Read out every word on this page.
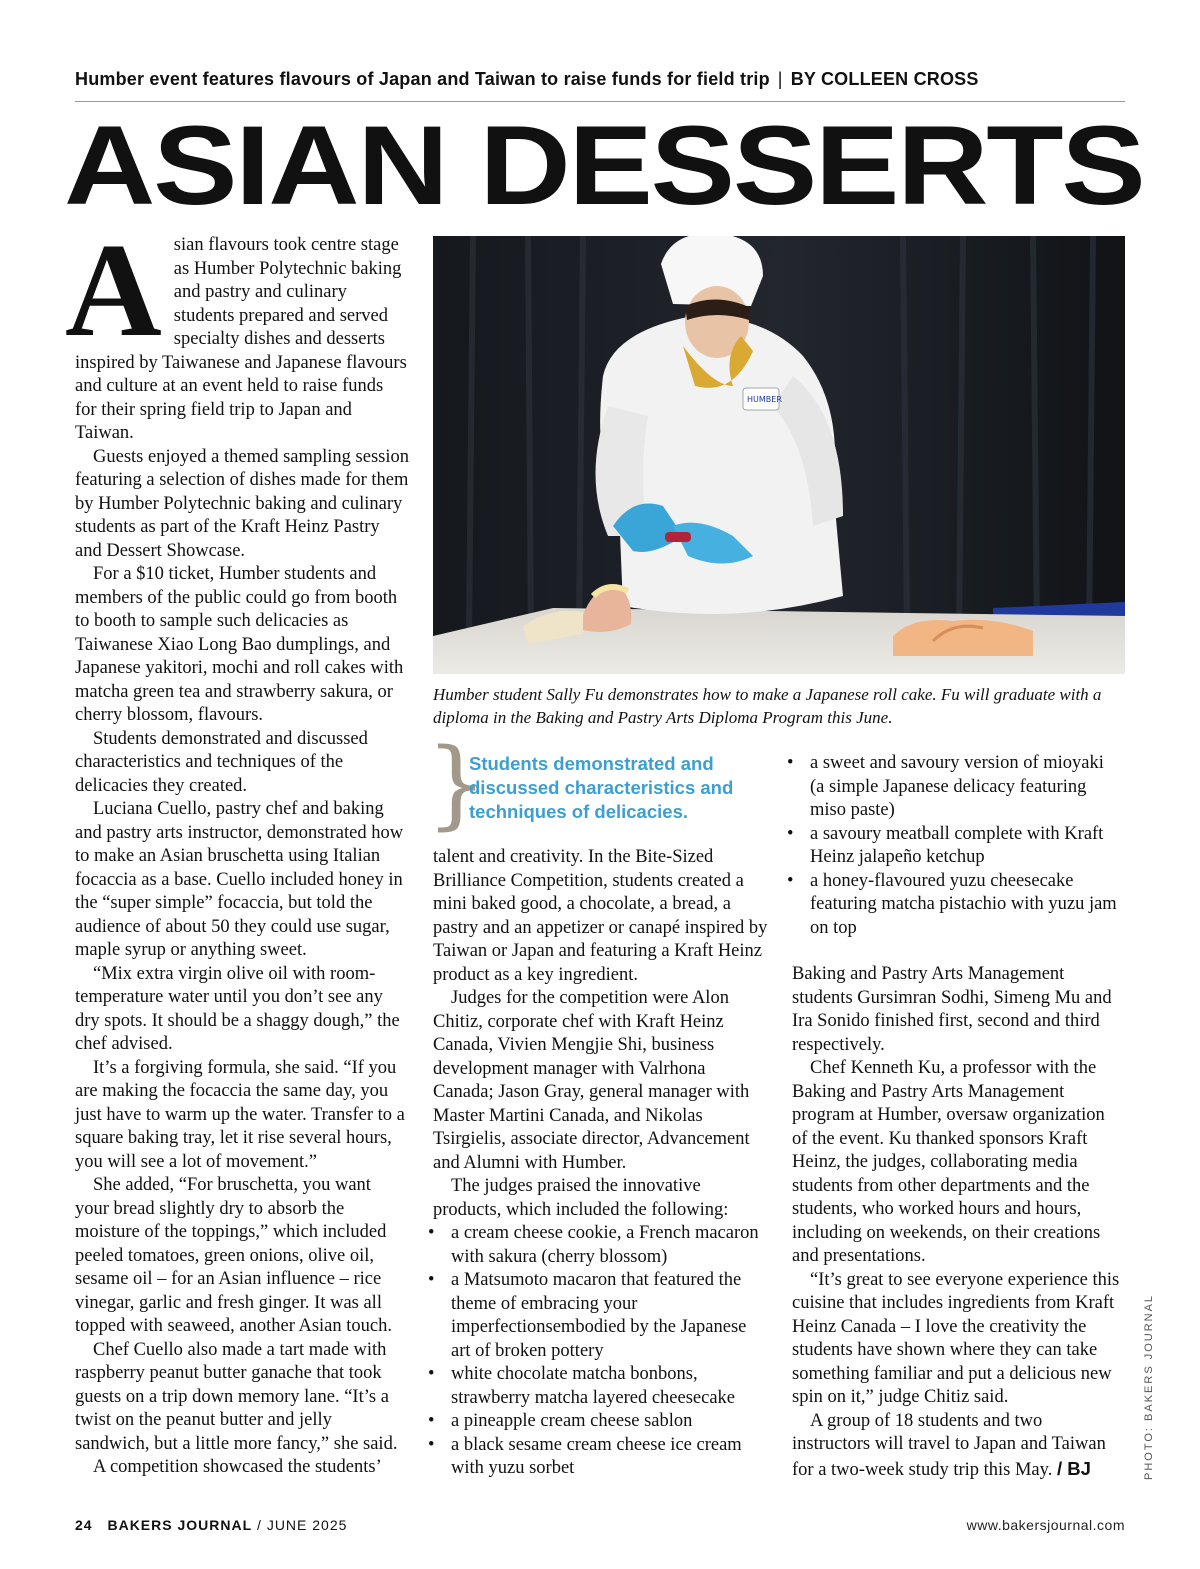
Humber event features flavours of Japan and Taiwan to raise funds for field trip | BY COLLEEN CROSS
ASIAN DESSERTS

Asian flavours took centre stage as Humber Polytechnic baking and pastry and culinary students prepared and served specialty dishes and desserts inspired by Taiwanese and Japanese flavours and culture at an event held to raise funds for their spring field trip to Japan and Taiwan.

Guests enjoyed a themed sampling session featuring a selection of dishes made for them by Humber Polytechnic baking and culinary students as part of the Kraft Heinz Pastry and Dessert Showcase.

For a $10 ticket, Humber students and members of the public could go from booth to booth to sample such delicacies as Taiwanese Xiao Long Bao dumplings, and Japanese yakitori, mochi and roll cakes with matcha green tea and strawberry sakura, or cherry blossom, flavours.

Students demonstrated and discussed characteristics and techniques of the delicacies they created.

Luciana Cuello, pastry chef and baking and pastry arts instructor, demonstrated how to make an Asian bruschetta using Italian focaccia as a base. Cuello included honey in the “super simple” focaccia, but told the audience of about 50 they could use sugar, maple syrup or anything sweet.

“Mix extra virgin olive oil with room-temperature water until you don’t see any dry spots. It should be a shaggy dough,” the chef advised.

It’s a forgiving formula, she said. “If you are making the focaccia the same day, you just have to warm up the water. Transfer to a square baking tray, let it rise several hours, you will see a lot of movement.”

She added, “For bruschetta, you want your bread slightly dry to absorb the moisture of the toppings,” which included peeled tomatoes, green onions, olive oil, sesame oil – for an Asian influence – rice vinegar, garlic and fresh ginger. It was all topped with seaweed, another Asian touch.

Chef Cuello also made a tart made with raspberry peanut butter ganache that took guests on a trip down memory lane. “It’s a twist on the peanut butter and jelly sandwich, but a little more fancy,” she said.

A competition showcased the students’

HUMBER
Humber student Sally Fu demonstrates how to make a Japanese roll cake. Fu will graduate with a diploma in the Baking and Pastry Arts Diploma Program this June.
}
Students demonstrated and discussed characteristics and techniques of delicacies.

talent and creativity. In the Bite-Sized Brilliance Competition, students created a mini baked good, a chocolate, a bread, a pastry and an appetizer or canapé inspired by Taiwan or Japan and featuring a Kraft Heinz product as a key ingredient.

Judges for the competition were Alon Chitiz, corporate chef with Kraft Heinz Canada, Vivien Mengjie Shi, business development manager with Valrhona Canada; Jason Gray, general manager with Master Martini Canada, and Nikolas Tsirgielis, associate director, Advancement and Alumni with Humber.

The judges praised the innovative products, which included the following:

• a cream cheese cookie, a French macaron with sakura (cherry blossom)
• a Matsumoto macaron that featured the theme of embracing your imperfectionsembodied by the Japanese art of broken pottery
• white chocolate matcha bonbons, strawberry matcha layered cheesecake
• a pineapple cream cheese sablon
• a black sesame cream cheese ice cream with yuzu sorbet
• a sweet and savoury version of mioyaki (a simple Japanese delicacy featuring miso paste)
• a savoury meatball complete with Kraft Heinz jalapeño ketchup
• a honey-flavoured yuzu cheesecake featuring matcha pistachio with yuzu jam on top

Baking and Pastry Arts Management students Gursimran Sodhi, Simeng Mu and Ira Sonido finished first, second and third respectively.

Chef Kenneth Ku, a professor with the Baking and Pastry Arts Management program at Humber, oversaw organization of the event. Ku thanked sponsors Kraft Heinz, the judges, collaborating media students from other departments and the students, who worked hours and hours, including on weekends, on their creations and presentations.

“It’s great to see everyone experience this cuisine that includes ingredients from Kraft Heinz Canada – I love the creativity the students have shown where they can take something familiar and put a delicious new spin on it,” judge Chitiz said.

A group of 18 students and two instructors will travel to Japan and Taiwan for a two-week study trip this May. / BJ	PHOTO: BAKERS JOURNAL
24 BAKERS JOURNAL / JUNE 2025	www.bakersjournal.com
